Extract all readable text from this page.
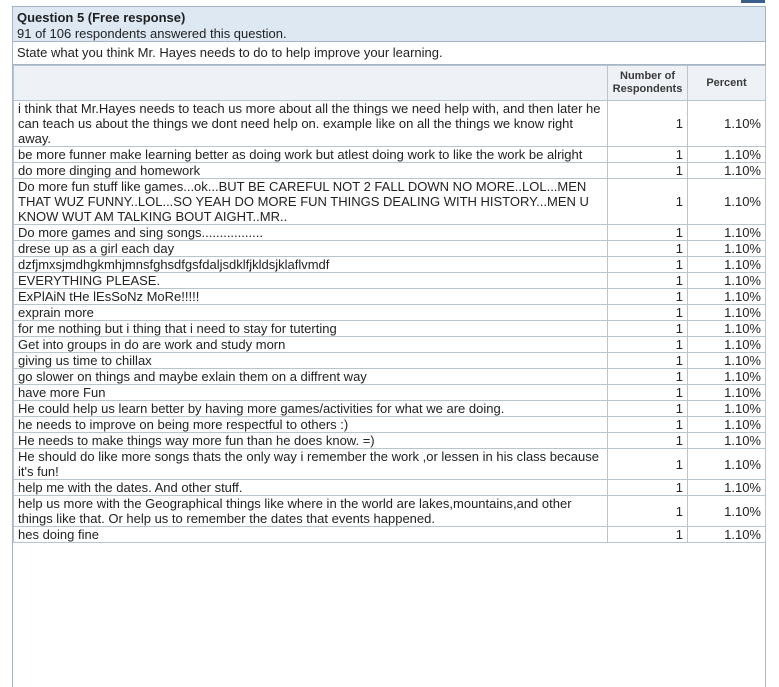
Question 5 (Free response)
91 of 106 respondents answered this question.
State what you think Mr. Hayes needs to do to help improve your learning.
	Number of
Respondents	Percent
i think that Mr.Hayes needs to teach us more about all the things we need help with, and then later he can teach us about the things we dont need help on. example like on all the things we know right away.	1	1.10%
be more funner make learning better as doing work but atlest doing work to like the work be alright	1	1.10%
do more dinging and homework	1	1.10%
Do more fun stuff like games...ok...BUT BE CAREFUL NOT 2 FALL DOWN NO MORE..LOL...MEN THAT WUZ FUNNY..LOL...SO YEAH DO MORE FUN THINGS DEALING WITH HISTORY...MEN U KNOW WUT AM TALKING BOUT AIGHT..MR..	1	1.10%
Do more games and sing songs.................	1	1.10%
drese up as a girl each day	1	1.10%
dzfjmxsjmdhgkmhjmnsfghsdfgsfdaljsdklfjkldsjklaflvmdf	1	1.10%
EVERYTHING PLEASE.	1	1.10%
ExPlAiN tHe lEsSoNz MoRe!!!!!	1	1.10%
exprain more	1	1.10%
for me nothing but i thing that i need to stay for tuterting	1	1.10%
Get into groups in do are work and study morn	1	1.10%
giving us time to chillax	1	1.10%
go slower on things and maybe exlain them on a diffrent way	1	1.10%
have more Fun	1	1.10%
He could help us learn better by having more games/activities for what we are doing.	1	1.10%
he needs to improve on being more respectful to others :)	1	1.10%
He needs to make things way more fun than he does know. =)	1	1.10%
He should do like more songs thats the only way i remember the work ,or lessen in his class because it's fun!	1	1.10%
help me with the dates. And other stuff.	1	1.10%
help us more with the Geographical things like where in the world are lakes,mountains,and other things like that. Or help us to remember the dates that events happened.	1	1.10%
hes doing fine	1	1.10%
